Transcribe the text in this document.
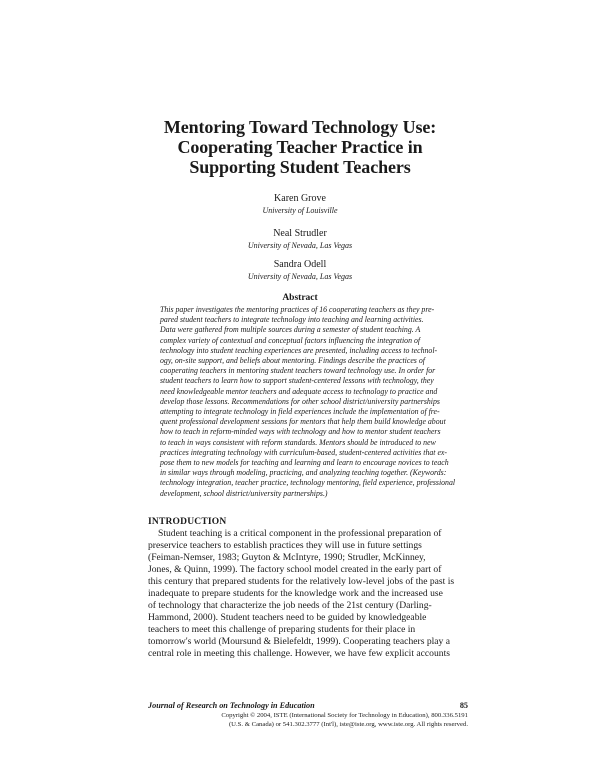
Mentoring Toward Technology Use:
Cooperating Teacher Practice in
Supporting Student Teachers
Karen Grove
University of Louisville
Neal Strudler
University of Nevada, Las Vegas
Sandra Odell
University of Nevada, Las Vegas
Abstract

This paper investigates the mentoring practices of 16 cooperating teachers as they pre-
pared student teachers to integrate technology into teaching and learning activities.
Data were gathered from multiple sources during a semester of student teaching. A
complex variety of contextual and conceptual factors influencing the integration of
technology into student teaching experiences are presented, including access to technol-
ogy, on-site support, and beliefs about mentoring. Findings describe the practices of
cooperating teachers in mentoring student teachers toward technology use. In order for
student teachers to learn how to support student-centered lessons with technology, they
need knowledgeable mentor teachers and adequate access to technology to practice and
develop those lessons. Recommendations for other school district/university partnerships
attempting to integrate technology in field experiences include the implementation of fre-
quent professional development sessions for mentors that help them build knowledge about
how to teach in reform-minded ways with technology and how to mentor student teachers
to teach in ways consistent with reform standards. Mentors should be introduced to new
practices integrating technology with curriculum-based, student-centered activities that ex-
pose them to new models for teaching and learning and learn to encourage novices to teach
in similar ways through modeling, practicing, and analyzing teaching together. (Keywords:
technology integration, teacher practice, technology mentoring, field experience, professional
development, school district/university partnerships.)

INTRODUCTION

Student teaching is a critical component in the professional preparation of
preservice teachers to establish practices they will use in future settings
(Feiman-Nemser, 1983; Guyton & McIntyre, 1990; Strudler, McKinney,
Jones, & Quinn, 1999). The factory school model created in the early part of
this century that prepared students for the relatively low-level jobs of the past is
inadequate to prepare students for the knowledge work and the increased use
of technology that characterize the job needs of the 21st century (Darling-
Hammond, 2000). Student teachers need to be guided by knowledgeable
teachers to meet this challenge of preparing students for their place in
tomorrow's world (Moursund & Bielefeldt, 1999). Cooperating teachers play a
central role in meeting this challenge. However, we have few explicit accounts

Journal of Research on Technology in Education	85
Copyright © 2004, ISTE (International Society for Technology in Education), 800.336.5191
(U.S. & Canada) or 541.302.3777 (Int'l), iste@iste.org, www.iste.org. All rights reserved.
